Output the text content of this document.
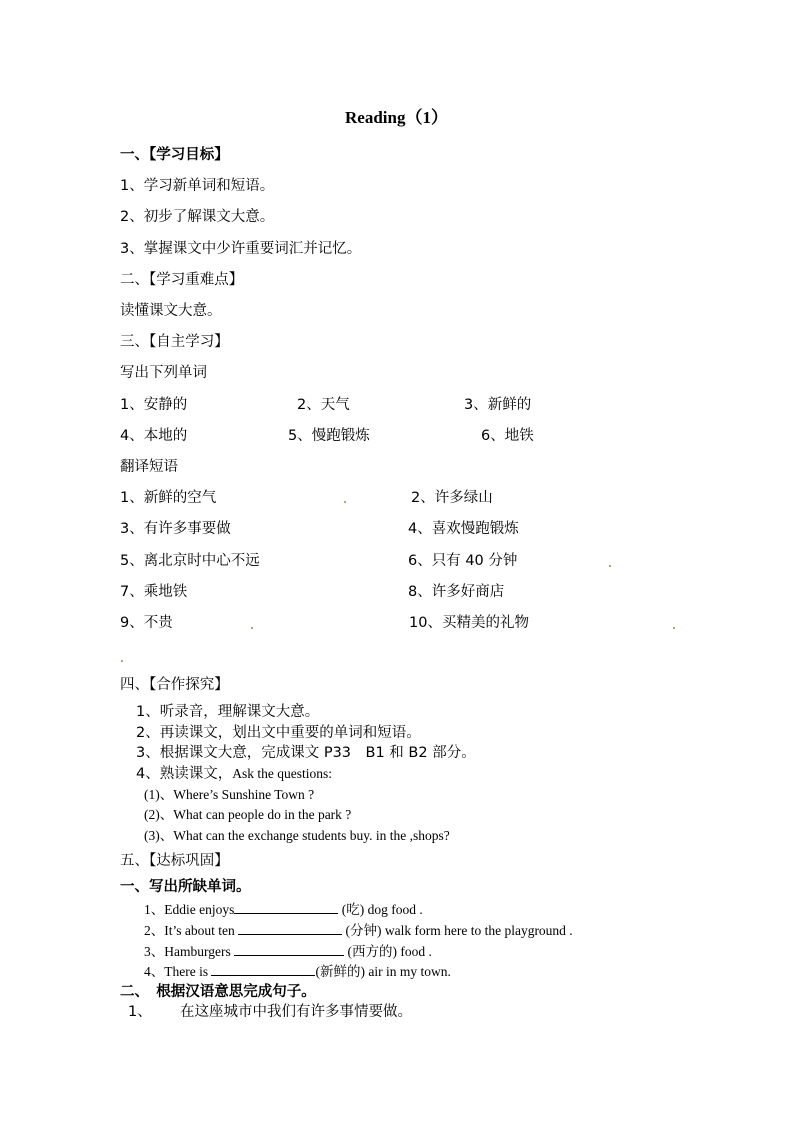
Reading（1）
一、【学习目标】
1、学习新单词和短语。
2、初步了解课文大意。
3、掌握课文中少许重要词汇并记忆。
二、【学习重难点】
读懂课文大意。
三、【自主学习】
写出下列单词
1、安静的	2、天气	3、新鲜的
4、本地的	5、慢跑锻炼	6、地铁
翻译短语
1、新鲜的空气	2、许多绿山
3、有许多事要做	4、喜欢慢跑锻炼
5、离北京时中心不远	6、只有 40 分钟
7、乘地铁	8、许多好商店
9、不贵	10、买精美的礼物
四、【合作探究】
1、听录音，理解课文大意。
2、再读课文，划出文中重要的单词和短语。
3、根据课文大意，完成课文 P33　B1 和 B2 部分。
4、熟读课文，Ask the questions:
(1)、Where’s Sunshine Town ?
(2)、What can people do in the park ?
(3)、What can the exchange students buy. in the ,shops?
五、【达标巩固】
一、写出所缺单词。
1、Eddie enjoys	(吃) dog food .
2、It’s about ten	(分钟) walk form here to the playground .
3、Hamburgers	(西方的) food .
4、There is	(新鲜的) air in my town.
二、　根据汉语意思完成句子。
1、 在这座城市中我们有许多事情要做。
